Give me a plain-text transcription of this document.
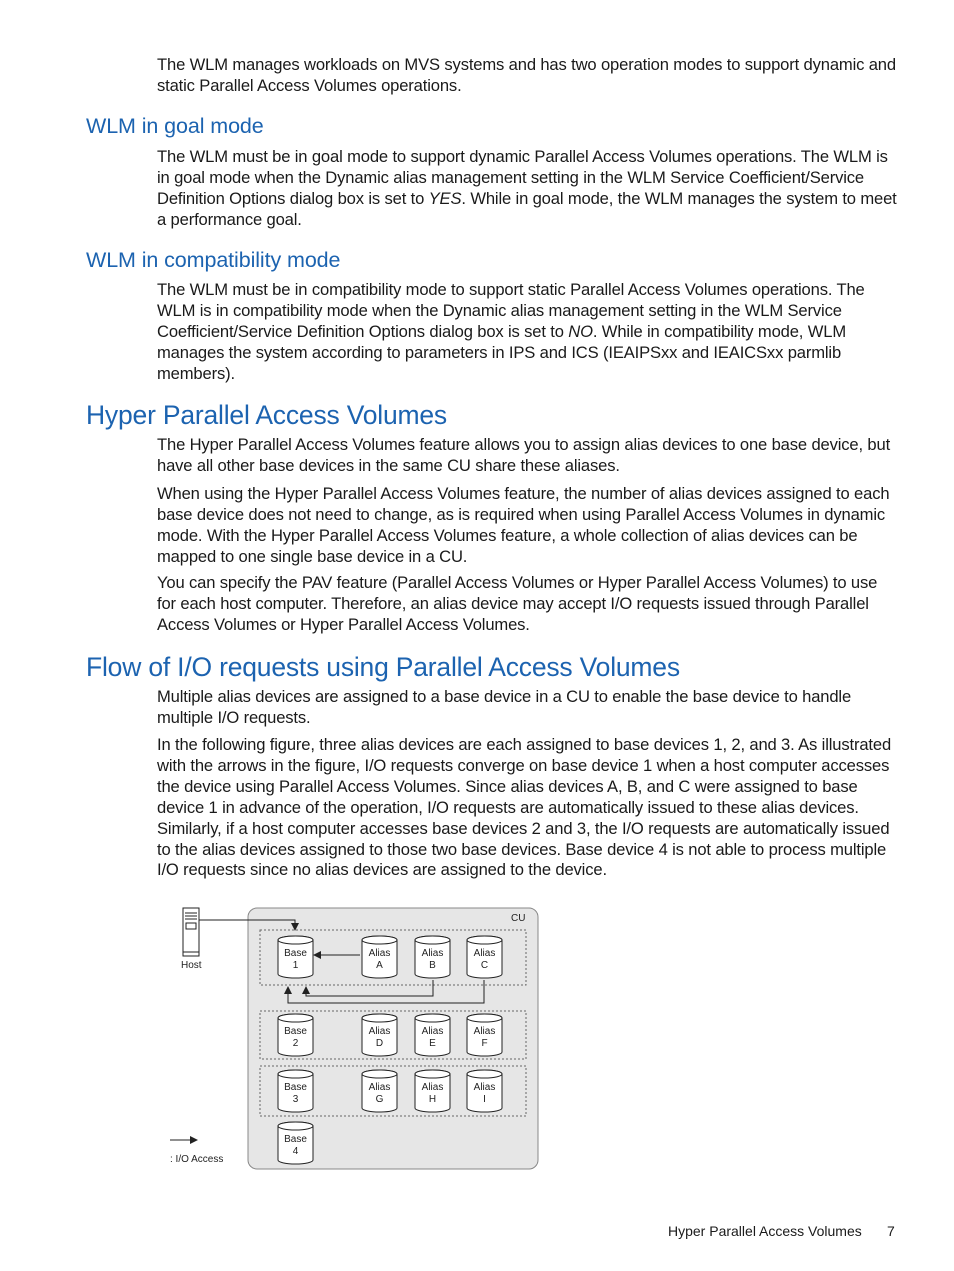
The WLM manages workloads on MVS systems and has two operation modes to support dynamic and static Parallel Access Volumes operations.

WLM in goal mode

The WLM must be in goal mode to support dynamic Parallel Access Volumes operations. The WLM is in goal mode when the Dynamic alias management setting in the WLM Service Coefficient/Service Definition Options dialog box is set to YES. While in goal mode, the WLM manages the system to meet a performance goal.

WLM in compatibility mode

The WLM must be in compatibility mode to support static Parallel Access Volumes operations. The WLM is in compatibility mode when the Dynamic alias management setting in the WLM Service Coefficient/Service Definition Options dialog box is set to NO. While in compatibility mode, WLM manages the system according to parameters in IPS and ICS (IEAIPSxx and IEAICSxx parmlib members).

Hyper Parallel Access Volumes

The Hyper Parallel Access Volumes feature allows you to assign alias devices to one base device, but have all other base devices in the same CU share these aliases.

When using the Hyper Parallel Access Volumes feature, the number of alias devices assigned to each base device does not need to change, as is required when using Parallel Access Volumes in dynamic mode. With the Hyper Parallel Access Volumes feature, a whole collection of alias devices can be mapped to one single base device in a CU.

You can specify the PAV feature (Parallel Access Volumes or Hyper Parallel Access Volumes) to use for each host computer. Therefore, an alias device may accept I/O requests issued through Parallel Access Volumes or Hyper Parallel Access Volumes.

Flow of I/O requests using Parallel Access Volumes

Multiple alias devices are assigned to a base device in a CU to enable the base device to handle multiple I/O requests.

In the following figure, three alias devices are each assigned to base devices 1, 2, and 3. As illustrated with the arrows in the figure, I/O requests converge on base device 1 when a host computer accesses the device using Parallel Access Volumes. Since alias devices A, B, and C were assigned to base device 1 in advance of the operation, I/O requests are automatically issued to these alias devices. Similarly, if a host computer accesses base devices 2 and 3, the I/O requests are automatically issued to the alias devices assigned to those two base devices. Base device 4 is not able to process multiple I/O requests since no alias devices are assigned to the device.

CU
Host
Base
1
Alias
A
Alias
B
Alias
C
Base
2
Alias
D
Alias
E
Alias
F
Base
3
Alias
G
Alias
H
Alias
I
Base
4
: I/O Access
Hyper Parallel Access Volumes 7
